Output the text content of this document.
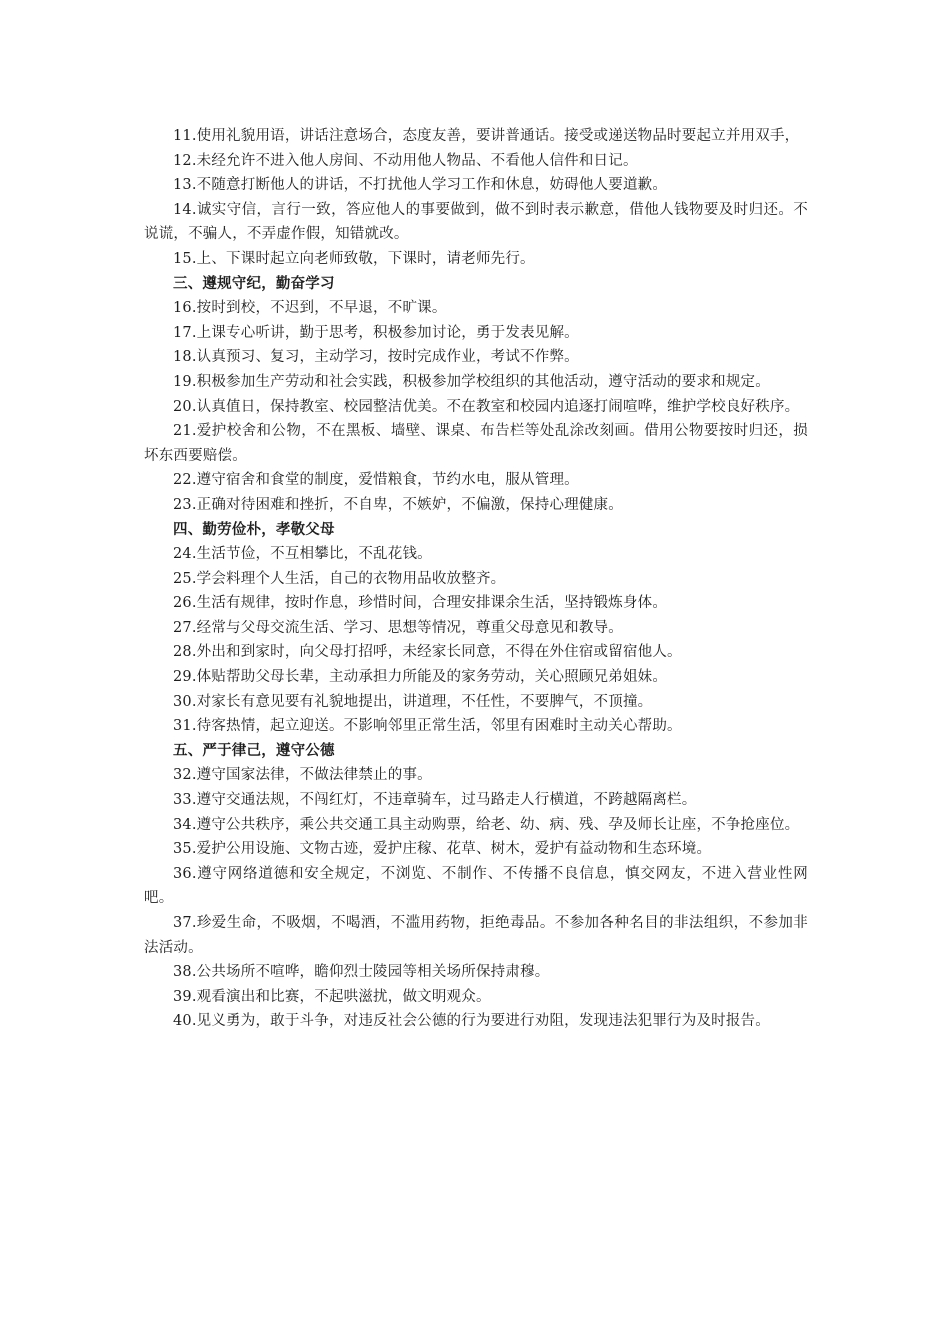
11.使用礼貌用语，讲话注意场合，态度友善，要讲普通话。接受或递送物品时要起立并用双手，

12.未经允许不进入他人房间、不动用他人物品、不看他人信件和日记。

13.不随意打断他人的讲话，不打扰他人学习工作和休息，妨碍他人要道歉。

14.诚实守信，言行一致，答应他人的事要做到，做不到时表示歉意，借他人钱物要及时归还。不说谎，不骗人，不弄虚作假，知错就改。

15.上、下课时起立向老师致敬，下课时，请老师先行。

三、遵规守纪，勤奋学习

16.按时到校，不迟到，不早退，不旷课。

17.上课专心听讲，勤于思考，积极参加讨论，勇于发表见解。

18.认真预习、复习，主动学习，按时完成作业，考试不作弊。

19.积极参加生产劳动和社会实践，积极参加学校组织的其他活动，遵守活动的要求和规定。

20.认真值日，保持教室、校园整洁优美。不在教室和校园内追逐打闹喧哗，维护学校良好秩序。

21.爱护校舍和公物，不在黑板、墙壁、课桌、布告栏等处乱涂改刻画。借用公物要按时归还，损坏东西要赔偿。

22.遵守宿舍和食堂的制度，爱惜粮食，节约水电，服从管理。

23.正确对待困难和挫折，不自卑，不嫉妒，不偏激，保持心理健康。

四、勤劳俭朴，孝敬父母

24.生活节俭，不互相攀比，不乱花钱。

25.学会料理个人生活，自己的衣物用品收放整齐。

26.生活有规律，按时作息，珍惜时间，合理安排课余生活，坚持锻炼身体。

27.经常与父母交流生活、学习、思想等情况，尊重父母意见和教导。

28.外出和到家时，向父母打招呼，未经家长同意，不得在外住宿或留宿他人。

29.体贴帮助父母长辈，主动承担力所能及的家务劳动，关心照顾兄弟姐妹。

30.对家长有意见要有礼貌地提出，讲道理，不任性，不要脾气，不顶撞。

31.待客热情，起立迎送。不影响邻里正常生活，邻里有困难时主动关心帮助。

五、严于律己，遵守公德

32.遵守国家法律，不做法律禁止的事。

33.遵守交通法规，不闯红灯，不违章骑车，过马路走人行横道，不跨越隔离栏。

34.遵守公共秩序，乘公共交通工具主动购票，给老、幼、病、残、孕及师长让座，不争抢座位。

35.爱护公用设施、文物古迹，爱护庄稼、花草、树木，爱护有益动物和生态环境。

36.遵守网络道德和安全规定，不浏览、不制作、不传播不良信息，慎交网友，不进入营业性网吧。

37.珍爱生命，不吸烟，不喝酒，不滥用药物，拒绝毒品。不参加各种名目的非法组织，不参加非法活动。

38.公共场所不喧哗，瞻仰烈士陵园等相关场所保持肃穆。

39.观看演出和比赛，不起哄滋扰，做文明观众。

40.见义勇为，敢于斗争，对违反社会公德的行为要进行劝阻，发现违法犯罪行为及时报告。
